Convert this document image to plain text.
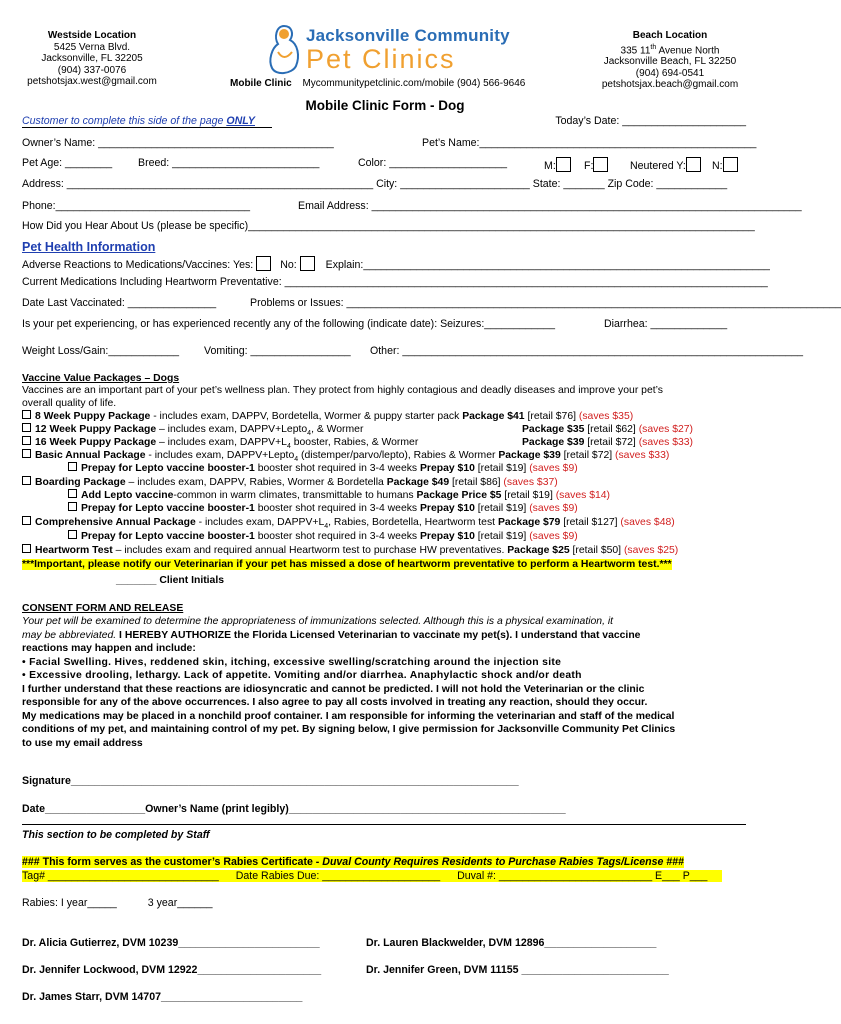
Westside Location
5425 Verna Blvd.
Jacksonville, FL 32205
(904) 337-0076
petshotsjax.west@gmail.com
Jacksonville Community
Pet Clinics
Mobile Clinic Mycommunitypetclinic.com/mobile (904) 566-9646
Beach Location
335 11th Avenue North
Jacksonville Beach, FL 32250
(904) 694-0541
petshotsjax.beach@gmail.com
Mobile Clinic Form - Dog
Customer to complete this side of the page ONLY	Today’s Date: _____________________
Owner’s Name: ________________________________________	Pet’s Name:_______________________________________________
Pet Age: ________ Breed: _________________________	Color: ____________________	M:	F:	Neutered Y:	N:
Address: ____________________________________________________ City: ______________________ State: _______ Zip Code: ____________
Phone:_________________________________	Email Address: _________________________________________________________________________
How Did you Hear About Us (please be specific)______________________________________________________________________________________
Pet Health Information
Adverse Reactions to Medications/Vaccines: Yes:	No:	Explain:_____________________________________________________________________
Current Medications Including Heartworm Preventative: __________________________________________________________________________________
Date Last Vaccinated: _______________	Problems or Issues: ____________________________________________________________________________________
Is your pet experiencing, or has experienced recently any of the following (indicate date): Seizures:____________	Diarrhea: _____________
Weight Loss/Gain:____________ Vomiting: _________________ Other: ____________________________________________________________________
Vaccine Value Packages – Dogs
Vaccines are an important part of your pet’s wellness plan. They protect from highly contagious and deadly diseases and improve your pet’s
overall quality of life.
8 Week Puppy Package - includes exam, DAPPV, Bordetella, Wormer & puppy starter pack Package $41 [retail $76] (saves $35)
12 Week Puppy Package – includes exam, DAPPV+Lepto$_4$, & Wormer	Package $35 [retail $62] (saves $27)
16 Week Puppy Package – includes exam, $DAPPV+L_4$ booster, Rabies, & Wormer	Package $39 [retail $72] (saves $33)
Basic Annual Package - includes exam, DAPPV+Lepto$_4$ (distemper/parvo/lepto), Rabies & Wormer Package $39 [retail $72] (saves $33)
Prepay for Lepto vaccine booster-1 booster shot required in 3-4 weeks Prepay $10 [retail $19] (saves $9)
Boarding Package – includes exam, DAPPV, Rabies, Wormer & Bordetella Package $49 [retail $86] (saves $37)
Add Lepto vaccine-common in warm climates, transmittable to humans Package Price $5 [retail $19] (saves $14)
Prepay for Lepto vaccine booster-1 booster shot required in 3-4 weeks Prepay $10 [retail $19] (saves $9)
Comprehensive Annual Package - includes exam, $DAPPV+L_4$, Rabies, Bordetella, Heartworm test Package $79 [retail $127] (saves $48)
Prepay for Lepto vaccine booster-1 booster shot required in 3-4 weeks Prepay $10 [retail $19] (saves $9)
Heartworm Test – includes exam and required annual Heartworm test to purchase HW preventatives. Package $25 [retail $50] (saves $25)
***Important, please notify our Veterinarian if your pet has missed a dose of heartworm preventative to perform a Heartworm test.***
_______ Client Initials
CONSENT FORM AND RELEASE
Your pet will be examined to determine the appropriateness of immunizations selected. Although this is a physical examination, it
may be abbreviated. I HEREBY AUTHORIZE the Florida Licensed Veterinarian to vaccinate my pet(s). I understand that vaccine
reactions may happen and include:
• Facial Swelling. Hives, reddened skin, itching, excessive swelling/scratching around the injection site
• Excessive drooling, lethargy. Lack of appetite. Vomiting and/or diarrhea. Anaphylactic shock and/or death
I further understand that these reactions are idiosyncratic and cannot be predicted. I will not hold the Veterinarian or the clinic
responsible for any of the above occurrences. I also agree to pay all costs involved in treating any reaction, should they occur.
My medications may be placed in a nonchild proof container. I am responsible for informing the veterinarian and staff of the medical
conditions of my pet, and maintaining control of my pet. By signing below, I give permission for Jacksonville Community Pet Clinics
to use my email address
Signature____________________________________________________________________________
Date_________________Owner’s Name (print legibly)_______________________________________________
This section to be completed by Staff
### This form serves as the customer’s Rabies Certificate - Duval County Requires Residents to Purchase Rabies Tags/License ###
Tag# _____________________________ Date Rabies Due: ____________________ Duval #: __________________________ E___ P___
Rabies: I year_____	3 year______
Dr. Alicia Gutierrez, DVM 10239________________________	Dr. Lauren Blackwelder, DVM 12896___________________
Dr. Jennifer Lockwood, DVM 12922_____________________	Dr. Jennifer Green, DVM 11155 _________________________
Dr. James Starr, DVM 14707________________________
